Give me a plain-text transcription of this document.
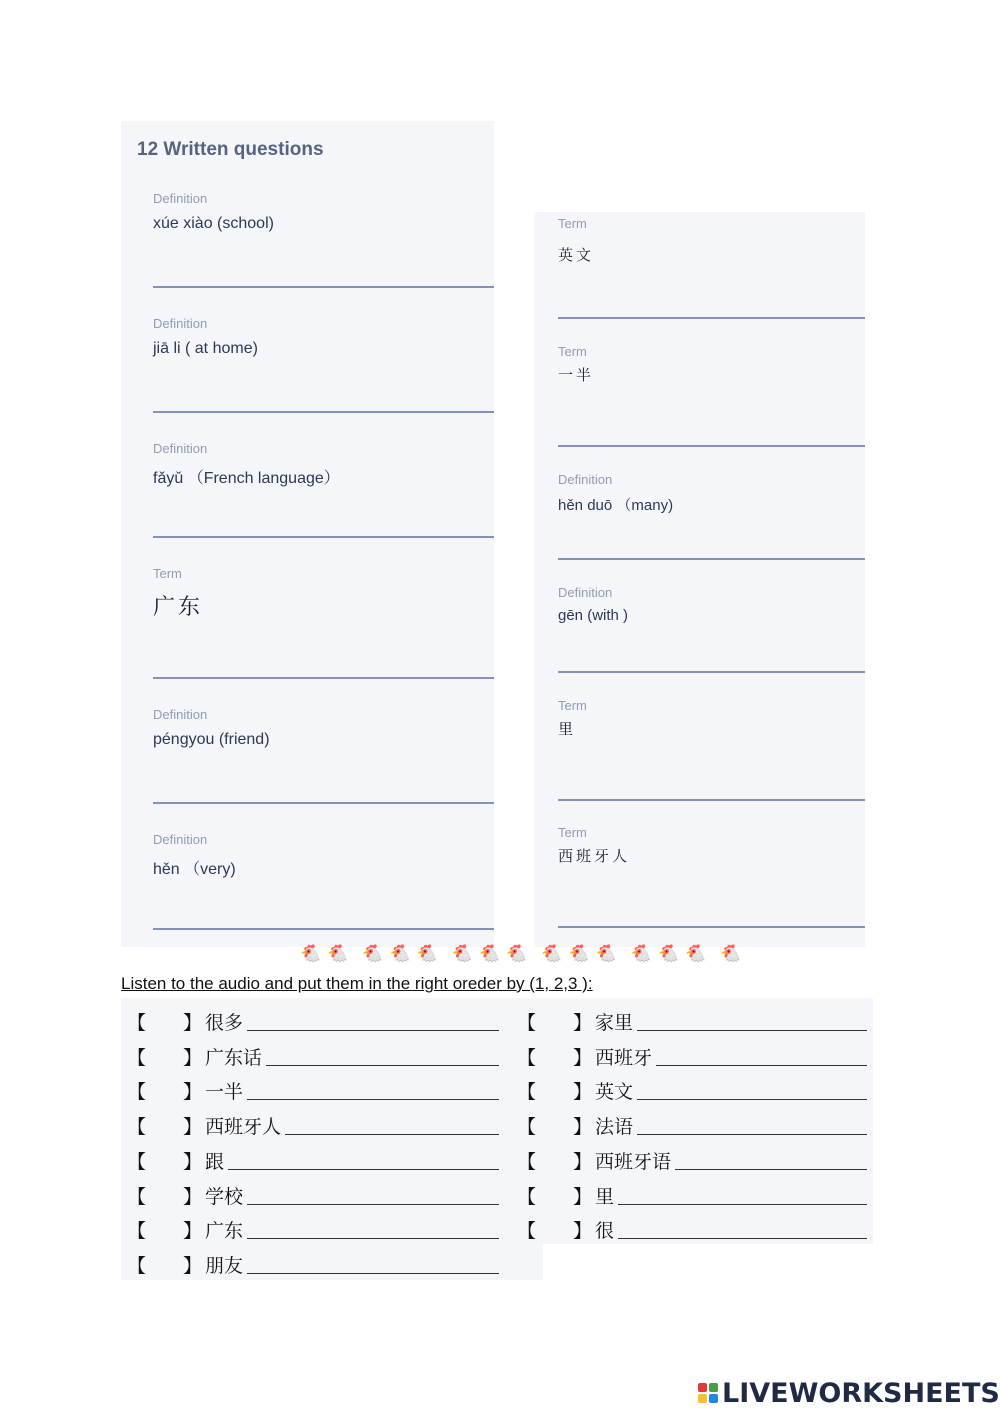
12 Written questions
Definition
xúe xiào (school)
Definition
jiā li ( at home)
Definition
fǎyǔ （French language）
Term
广东
Definition
péngyou (friend)
Definition
hěn （very)
Term
英文
Term
一半
Definition
hěn duō （many)
Definition
gēn (with )
Term
里
Term
西班牙人
🐔 🐔 🐔 🐔 🐔 🐔 🐔 🐔 🐔 🐔 🐔 🐔 🐔 🐔 🐔
Listen to the audio and put them in the right oreder by (1, 2,3 ):
【 】 很多
【 】 广东话
【 】 一半
【 】 西班牙人
【 】 跟
【 】 学校
【 】 广东
【 】 朋友
【 】 家里
【 】 西班牙
【 】 英文
【 】 法语
【 】 西班牙语
【 】 里
【 】 很
LIVEWORKSHEETS
